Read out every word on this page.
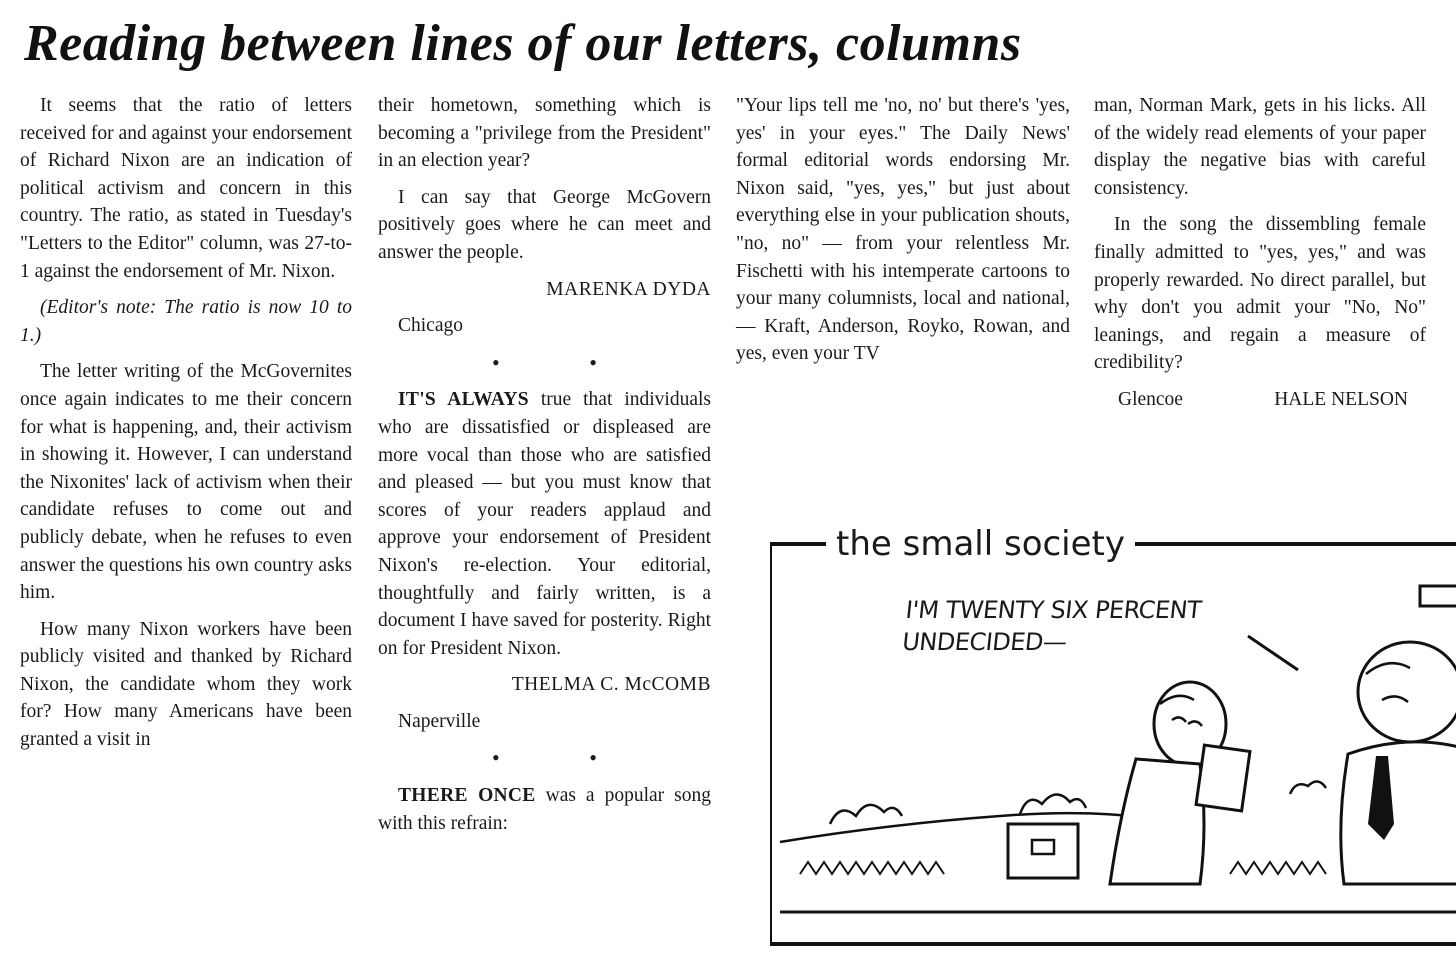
Reading between lines of our letters, columns

It seems that the ratio of letters received for and against your endorsement of Richard Nixon are an indication of political activism and concern in this country. The ratio, as stated in Tuesday's "Letters to the Editor" column, was 27-to-1 against the endorsement of Mr. Nixon.

(Editor's note: The ratio is now 10 to 1.)

The letter writing of the McGovernites once again indicates to me their concern for what is happening, and, their activism in showing it. However, I can understand the Nixonites' lack of activism when their candidate refuses to come out and publicly debate, when he refuses to even answer the questions his own country asks him.

How many Nixon workers have been publicly visited and thanked by Richard Nixon, the candidate whom they work for? How many Americans have been granted a visit in

their hometown, something which is becoming a "privilege from the President" in an election year?

I can say that George McGovern positively goes where he can meet and answer the people.

MARENKA DYDA

Chicago

• •

IT'S ALWAYS true that individuals who are dissatisfied or displeased are more vocal than those who are satisfied and pleased — but you must know that scores of your readers applaud and approve your endorsement of President Nixon's re-election. Your editorial, thoughtfully and fairly written, is a document I have saved for posterity. Right on for President Nixon.

THELMA C. McCOMB

Naperville

• •

THERE ONCE was a popular song with this refrain:

"Your lips tell me 'no, no' but there's 'yes, yes' in your eyes." The Daily News' formal editorial words endorsing Mr. Nixon said, "yes, yes," but just about everything else in your publication shouts, "no, no" — from your relentless Mr. Fischetti with his intemperate cartoons to your many columnists, local and national, — Kraft, Anderson, Royko, Rowan, and yes, even your TV

man, Norman Mark, gets in his licks. All of the widely read elements of your paper display the negative bias with careful consistency.

In the song the dissembling female finally admitted to "yes, yes," and was properly rewarded. No direct parallel, but why don't you admit your "No, No" leanings, and regain a measure of credibility?

Glencoe	HALE NELSON
the small society
I'M TWENTY SIX PERCENT
UNDECIDED—
